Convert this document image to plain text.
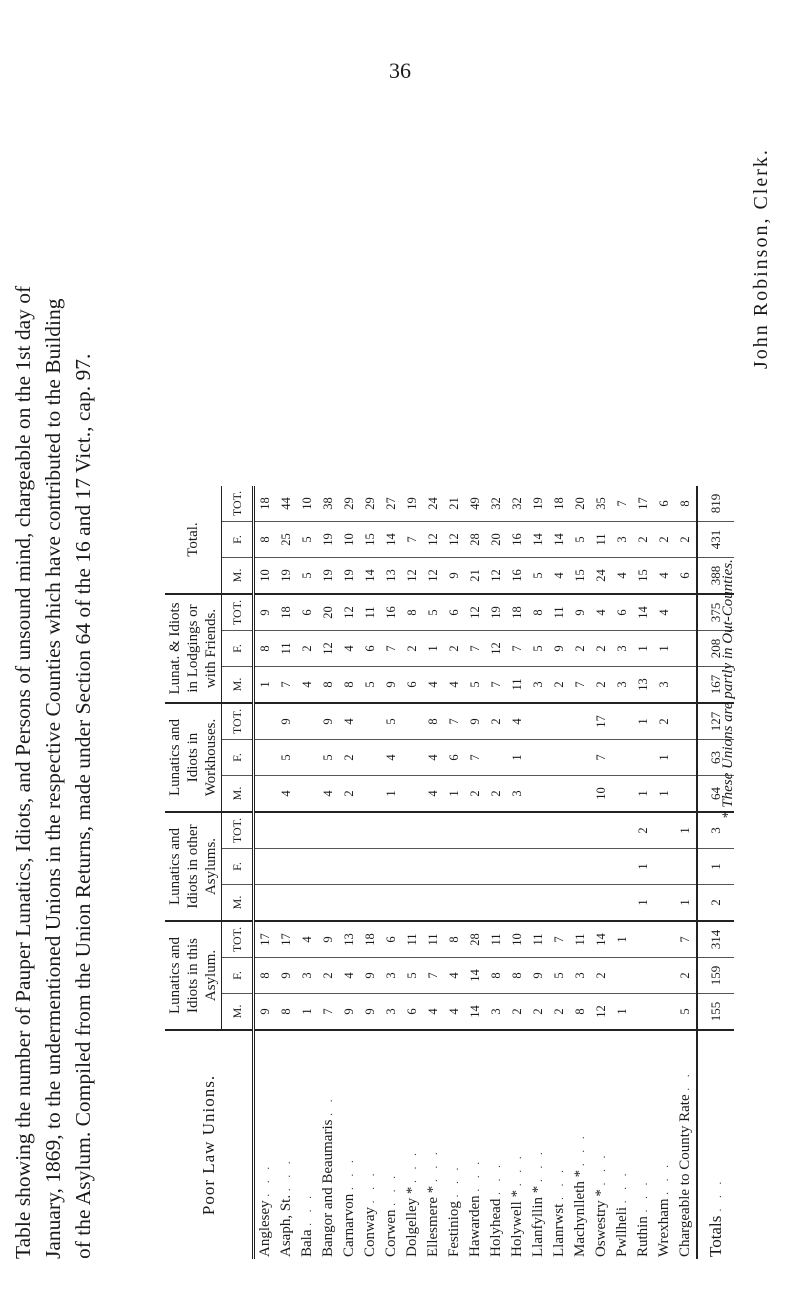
36
Table showing the number of Pauper Lunatics, Idiots, and Persons of unsound mind, chargeable on the 1st day of January, 1869, to the undermentioned Unions in the respective Counties which have contributed to the Building of the Asylum. Compiled from the Union Returns, made under Section 64 of the 16 and 17 Vict., cap. 97.	Poor Law Unions.	Lunatics and Idiots in this Asylum.			Lunatics and Idiots in other Asylums.			Lunatics and Idiots in Workhouses.			Lunat. & Idiots in Lodgings or with Friends.			Total.		
	M.	F.	TOT.	M.	F.	TOT.	M.	F.	TOT.	M.	F.	TOT.	M.	F.	TOT.
Anglesey . . .	9	8	17							1	8	9	10	8	18
Asaph, St. . . .	8	9	17				4	5	9	7	11	18	19	25	44
Bala . . .	1	3	4							4	2	6	5	5	10
Bangor and Beaumaris . .	7	2	9				4	5	9	8	12	20	19	19	38
Carnarvon . . .	9	4	13				2	2	4	8	4	12	19	10	29
Conway . . .	9	9	18							5	6	11	14	15	29
Corwen . . .	3	3	6				1	4	5	9	7	16	13	14	27
Dolgelley * . . .	6	5	11							6	2	8	12	7	19
Ellesmere * . . .	4	7	11				4	4	8	4	1	5	12	12	24
Festiniog . . .	4	4	8				1	6	7	4	2	6	9	12	21
Hawarden . . .	14	14	28				2	7	9	5	7	12	21	28	49
Holyhead . . .	3	8	11				2		2	7	12	19	12	20	32
Holywell * . . .	2	8	10				3	1	4	11	7	18	16	16	32
Llanfyllin * . . .	2	9	11							3	5	8	5	14	19
Llanrwst . . .	2	5	7							2	9	11	4	14	18
Machynlleth * . . .	8	3	11							7	2	9	15	5	20
Oswestry * . . .	12	2	14				10	7	17	2	2	4	24	11	35
Pwllheli . . .	1		1							3	3	6	4	3	7
Ruthin . . .				1	1	2	1		1	13	1	14	15	2	17
Wrexham . . .							1	1	2	3	1	4	4	2	6
Chargeable to County Rate . .	5	2	7	1		1							6	2	8
Totals . . .	155	159	314	2	1	3	64	63	127	167	208	375	388	431	819
* These Unions are partly in Out-Counties.
John Robinson, Clerk.
